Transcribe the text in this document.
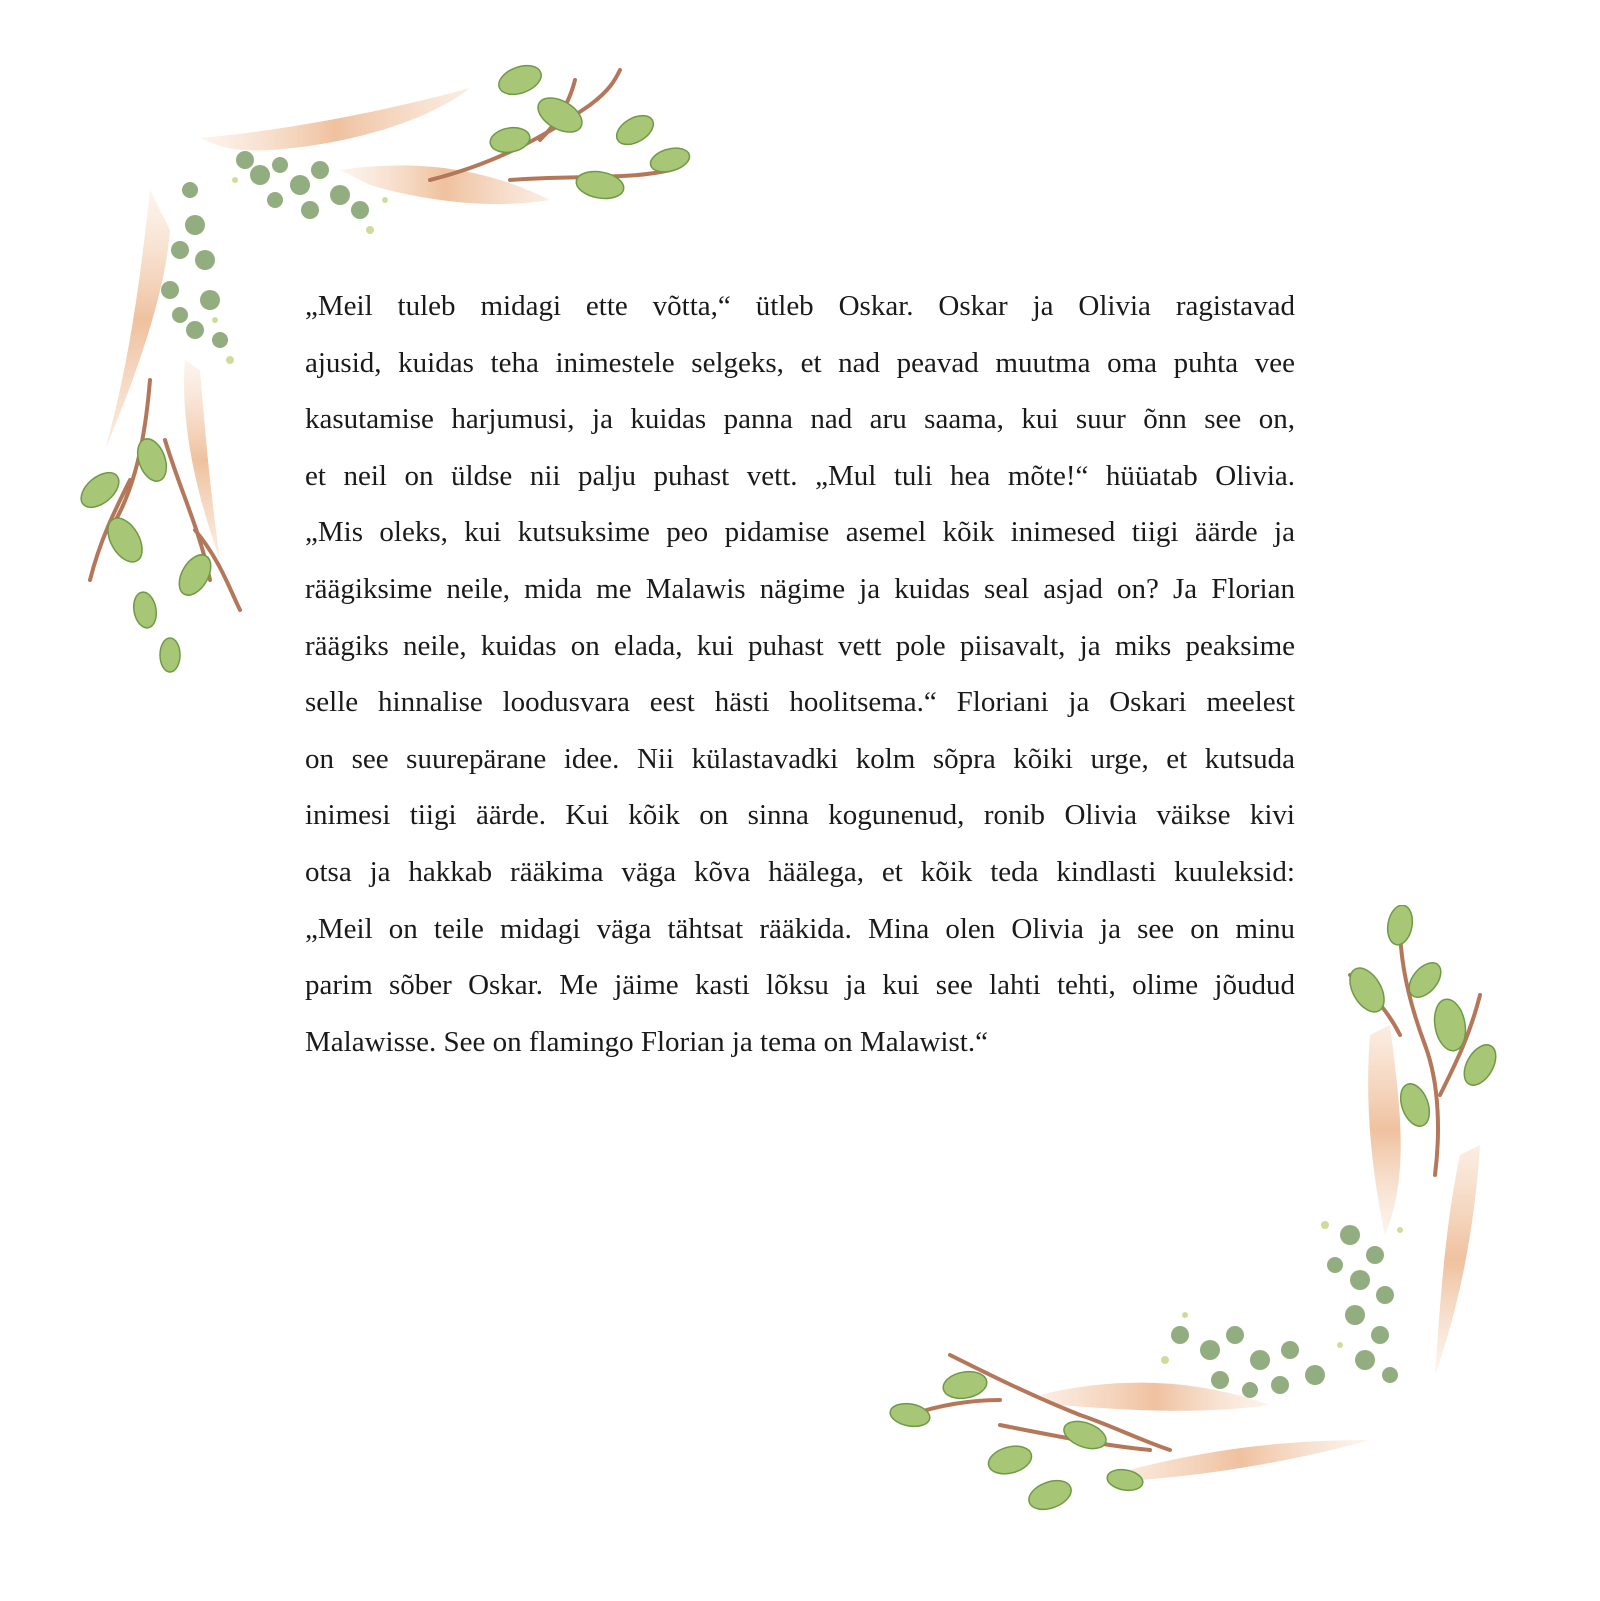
„Meil tuleb midagi ette võtta,“ ütleb Oskar. Oskar ja Olivia ragistavad
ajusid, kuidas teha inimestele selgeks, et nad peavad muutma oma puhta vee
kasutamise harjumusi, ja kuidas panna nad aru saama, kui suur õnn see on,
et neil on üldse nii palju puhast vett. „Mul tuli hea mõte!“ hüüatab Olivia.
„Mis oleks, kui kutsuksime peo pidamise asemel kõik inimesed tiigi äärde ja
räägiksime neile, mida me Malawis nägime ja kuidas seal asjad on? Ja Florian
räägiks neile, kuidas on elada, kui puhast vett pole piisavalt, ja miks peaksime
selle hinnalise loodusvara eest hästi hoolitsema.“ Floriani ja Oskari meelest
on see suurepärane idee. Nii külastavadki kolm sõpra kõiki urge, et kutsuda
inimesi tiigi äärde. Kui kõik on sinna kogunenud, ronib Olivia väikse kivi
otsa ja hakkab rääkima väga kõva häälega, et kõik teda kindlasti kuuleksid:
„Meil on teile midagi väga tähtsat rääkida. Mina olen Olivia ja see on minu
parim sõber Oskar. Me jäime kasti lõksu ja kui see lahti tehti, olime jõudud
Malawisse. See on flamingo Florian ja tema on Malawist.“
